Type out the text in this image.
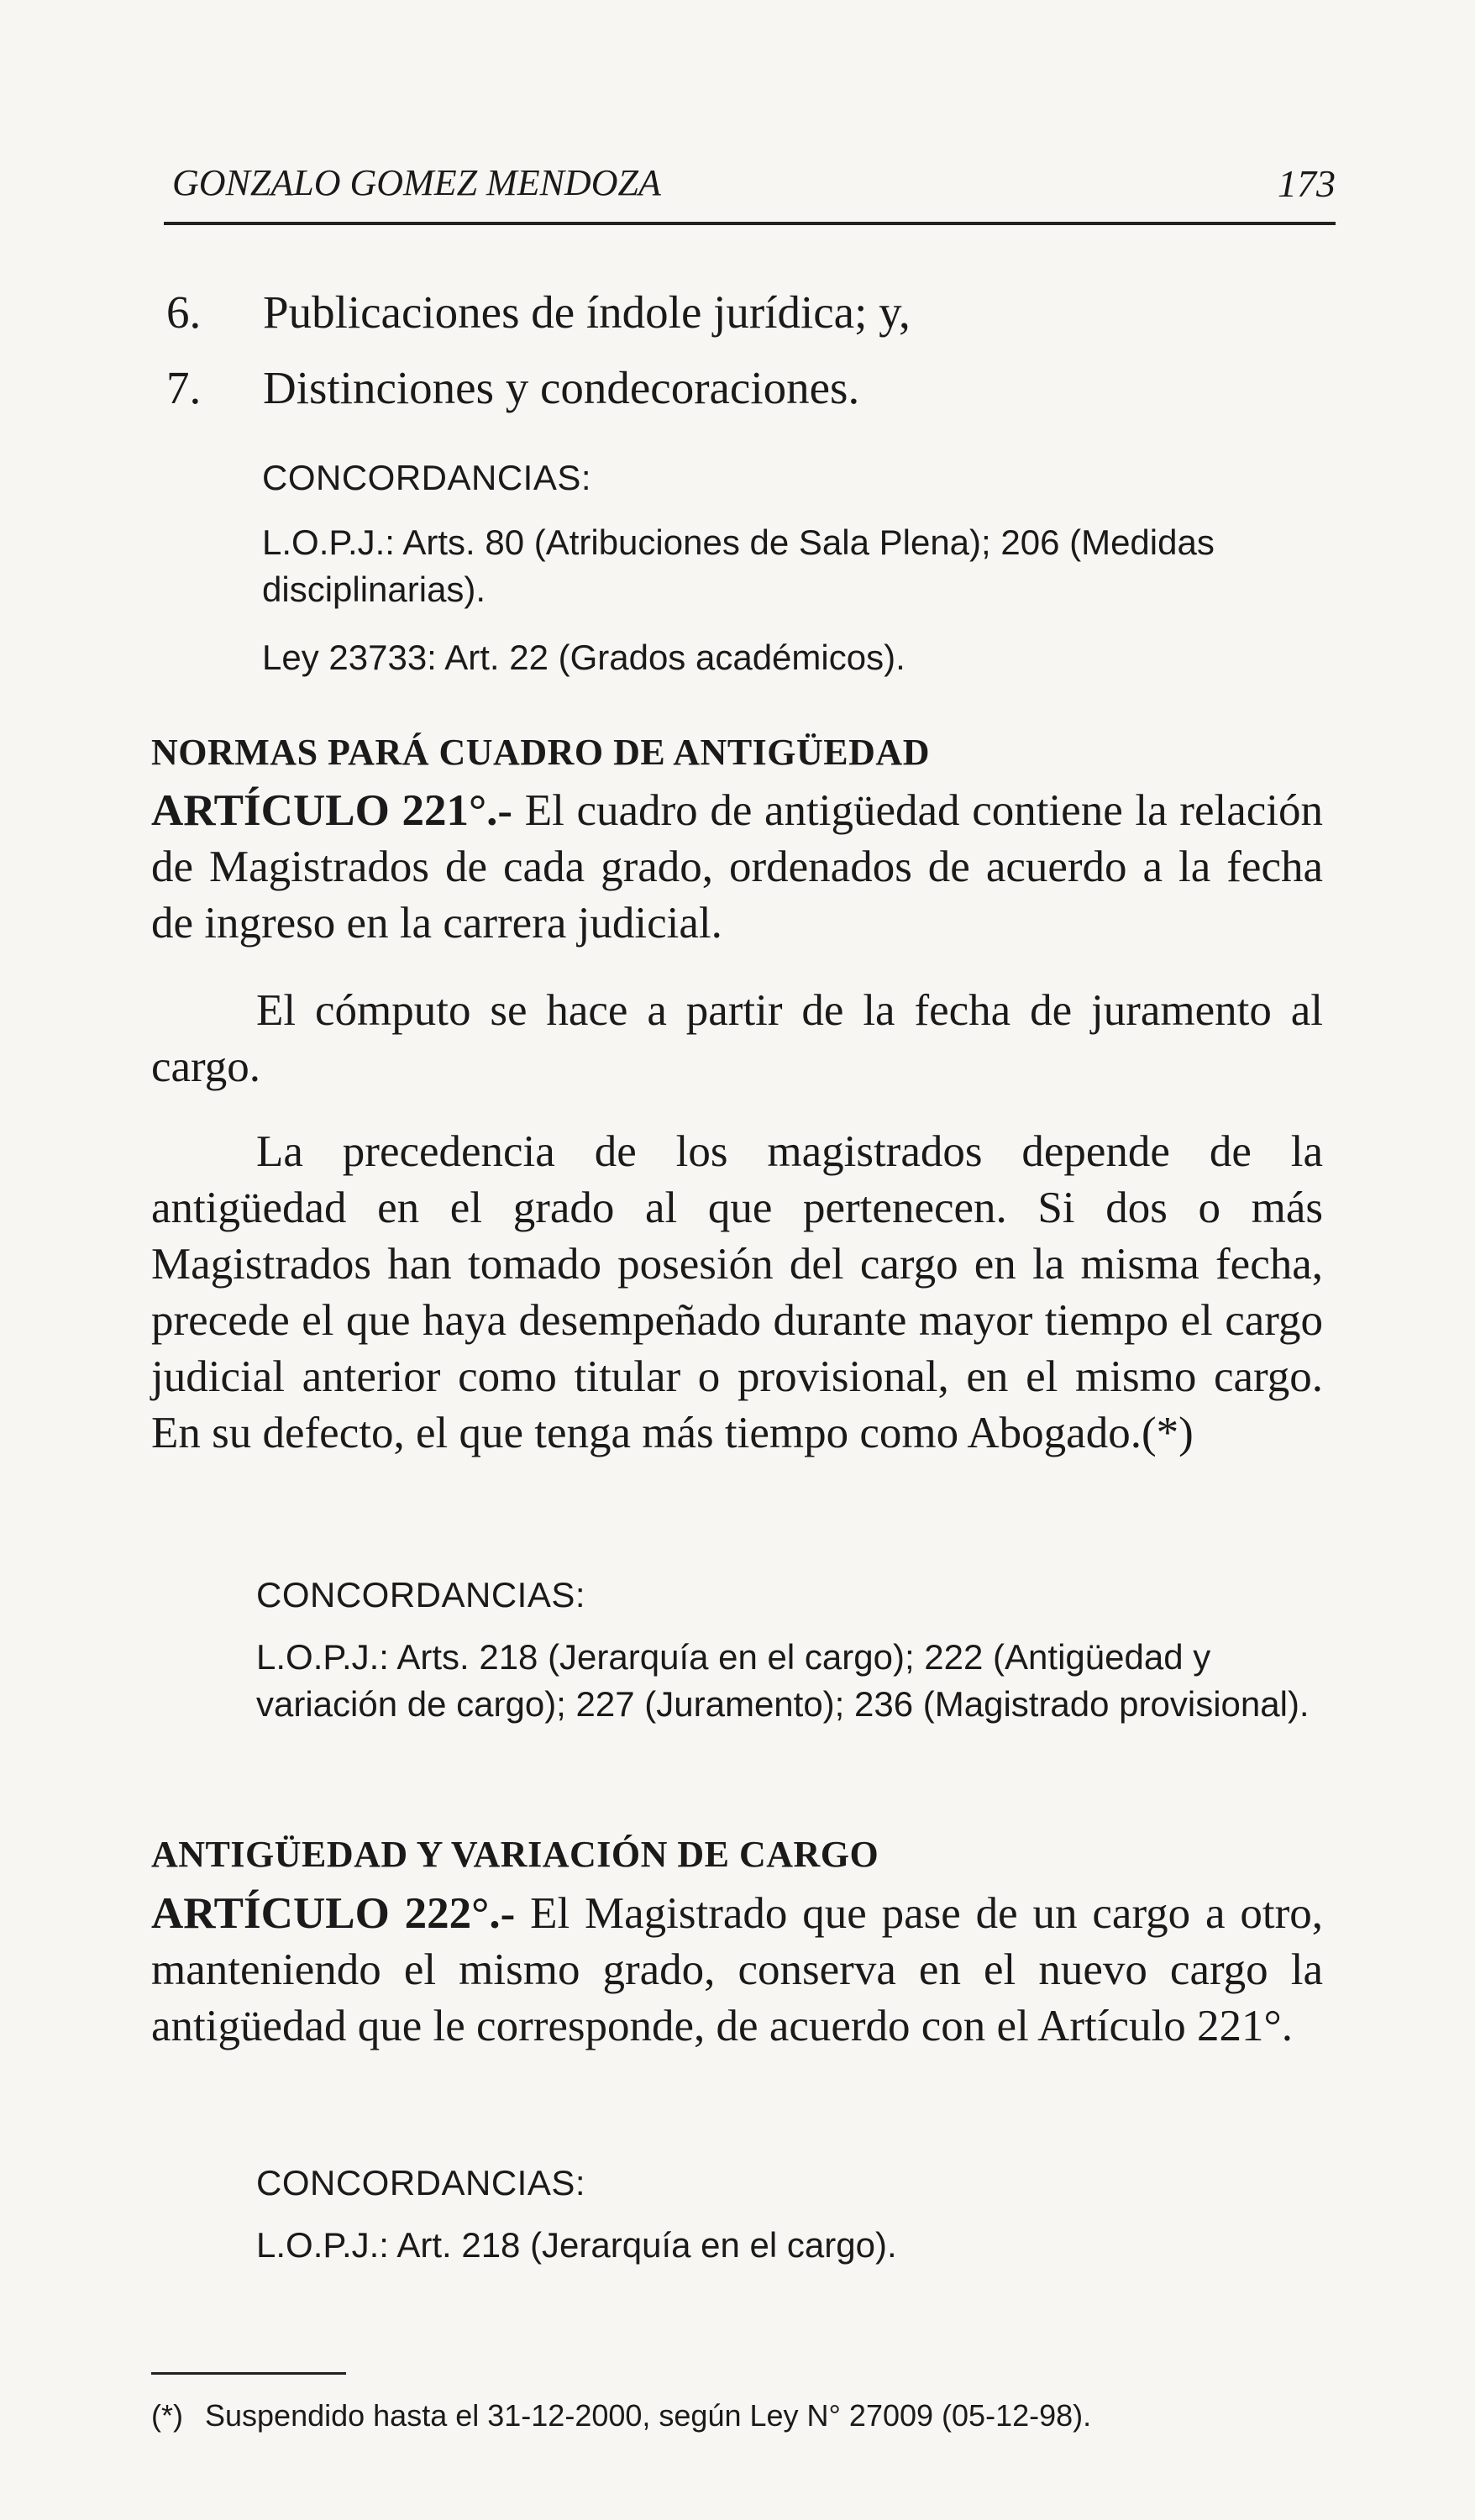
GONZALO GOMEZ MENDOZA	173
6. Publicaciones de índole jurídica; y,
7. Distinciones y condecoraciones.
CONCORDANCIAS:
L.O.P.J.: Arts. 80 (Atribuciones de Sala Plena); 206 (Medidas disciplinarias).
Ley 23733: Art. 22 (Grados académicos).
NORMAS PARÁ CUADRO DE ANTIGÜEDAD
ARTÍCULO 221°.- El cuadro de antigüedad contiene la relación de Magistrados de cada grado, ordenados de acuerdo a la fecha de ingreso en la carrera judicial.
El cómputo se hace a partir de la fecha de juramento al cargo.
La precedencia de los magistrados depende de la antigüedad en el grado al que pertenecen. Si dos o más Magistrados han tomado posesión del cargo en la misma fecha, precede el que haya desempeñado durante mayor tiempo el cargo judicial anterior como titular o provisional, en el mismo cargo. En su defecto, el que tenga más tiempo como Abogado.(*)
CONCORDANCIAS:
L.O.P.J.: Arts. 218 (Jerarquía en el cargo); 222 (Antigüedad y variación de cargo); 227 (Juramento); 236 (Magistrado provisional).
ANTIGÜEDAD Y VARIACIÓN DE CARGO
ARTÍCULO 222°.- El Magistrado que pase de un cargo a otro, manteniendo el mismo grado, conserva en el nuevo cargo la antigüedad que le corresponde, de acuerdo con el Artículo 221°.
CONCORDANCIAS:
L.O.P.J.: Art. 218 (Jerarquía en el cargo).
(*) Suspendido hasta el 31-12-2000, según Ley N° 27009 (05-12-98).
